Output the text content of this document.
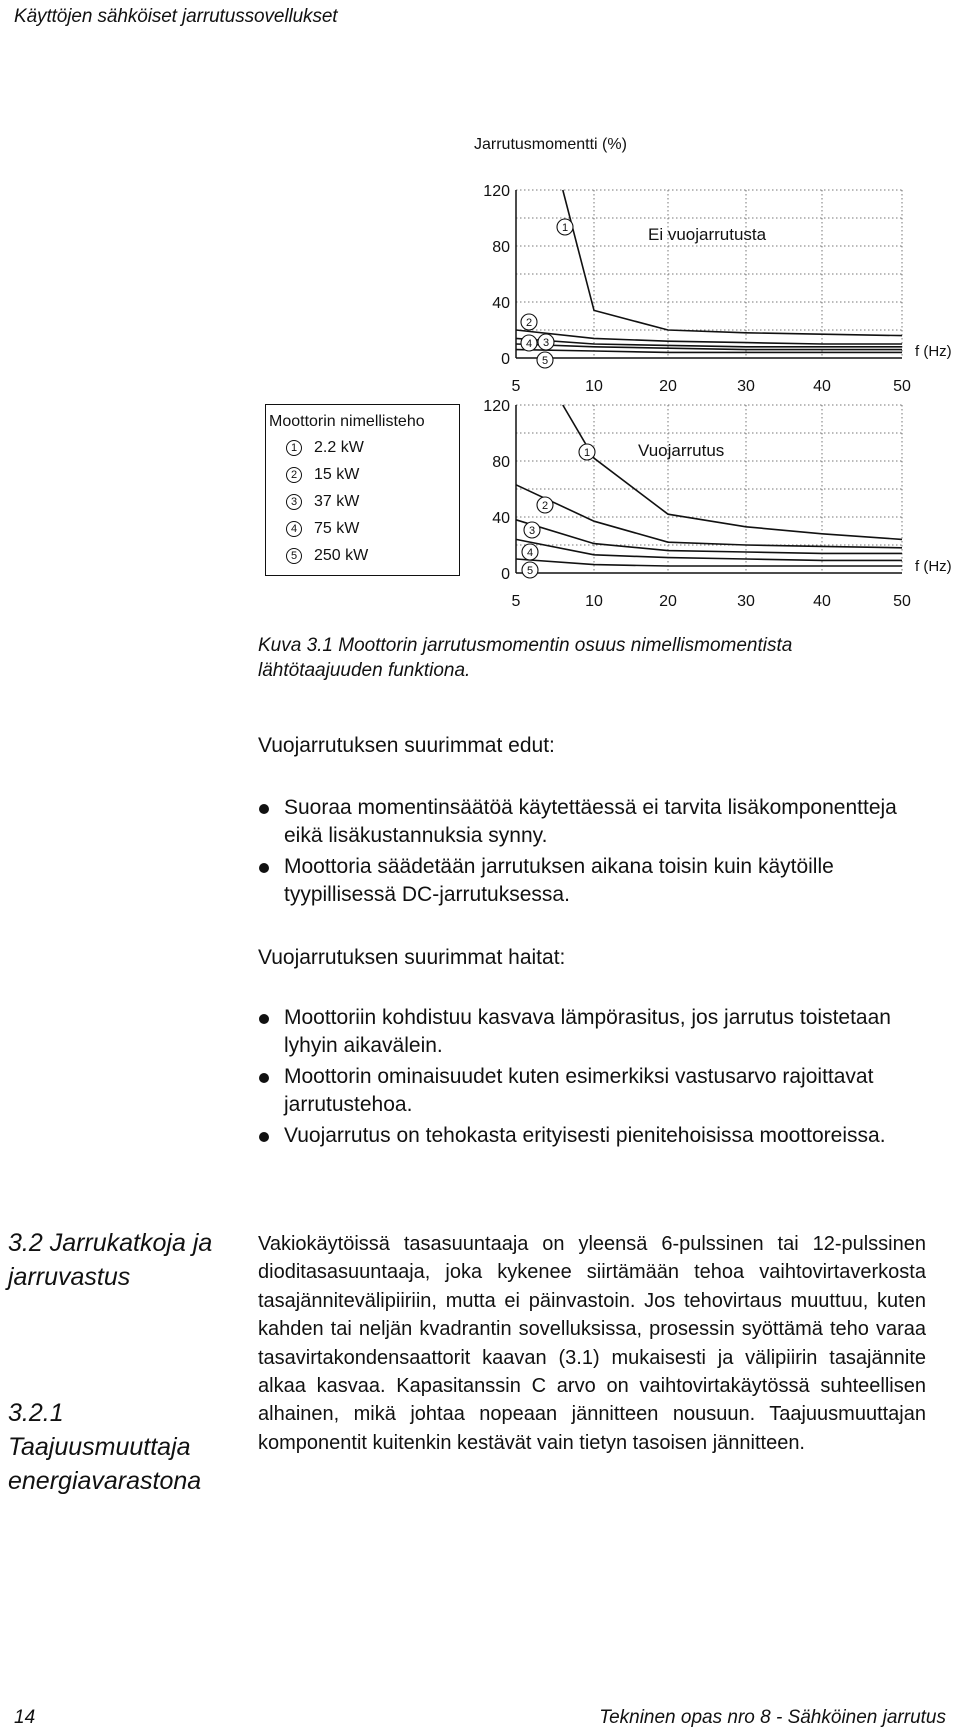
Käyttöjen sähköiset jarrutussovellukset
Jarrutusmomentti (%)
0
40
80
120
5	10	20	30	40	50
f (Hz)
Ei vuojarrutusta
1
2
3
4
5
0
40
80
120
5	10	20	30	40	50
f (Hz)
Vuojarrutus
1
2
3
4
5
Moottorin nimellisteho
1	2.2 kW
2	15 kW
3	37 kW
4	75 kW
5	250 kW
Kuva 3.1 Moottorin jarrutusmomentin osuus nimellismomentista
lähtötaajuuden funktiona.
Vuojarrutuksen suurimmat edut:
Suoraa momentinsäätöä käytettäessä ei tarvita lisäkomponentteja eikä lisäkustannuksia synny.
Moottoria säädetään jarrutuksen aikana toisin kuin käytöille tyypillisessä DC-jarrutuksessa.
Vuojarrutuksen suurimmat haitat:
Moottoriin kohdistuu kasvava lämpörasitus, jos jarrutus toistetaan lyhyin aikavälein.
Moottorin ominaisuudet kuten esimerkiksi vastusarvo rajoittavat jarrutustehoa.
Vuojarrutus on tehokasta erityisesti pienitehoisissa moottoreissa.
3.2 Jarrukatkoja ja jarruvastus
3.2.1 Taajuusmuuttaja energiavarastona
Vakiokäytöissä tasasuuntaaja on yleensä 6-pulssinen tai 12-pulssinen dioditasasuuntaaja, joka kykenee siirtämään tehoa vaihtovirtaverkosta tasajännitevälipiiriin, mutta ei päinvastoin. Jos tehovirtaus muuttuu, kuten kahden tai neljän kvadrantin sovelluksissa, prosessin syöttämä teho varaa tasavirtakondensaattorit kaavan (3.1) mukaisesti ja välipiirin tasajännite alkaa kasvaa. Kapasitanssin C arvo on vaihtovirtakäytössä suhteellisen alhainen, mikä johtaa nopeaan jännitteen nousuun. Taajuusmuuttajan komponentit kuitenkin kestävät vain tietyn tasoisen jännitteen.
14	Tekninen opas nro 8 - Sähköinen jarrutus
